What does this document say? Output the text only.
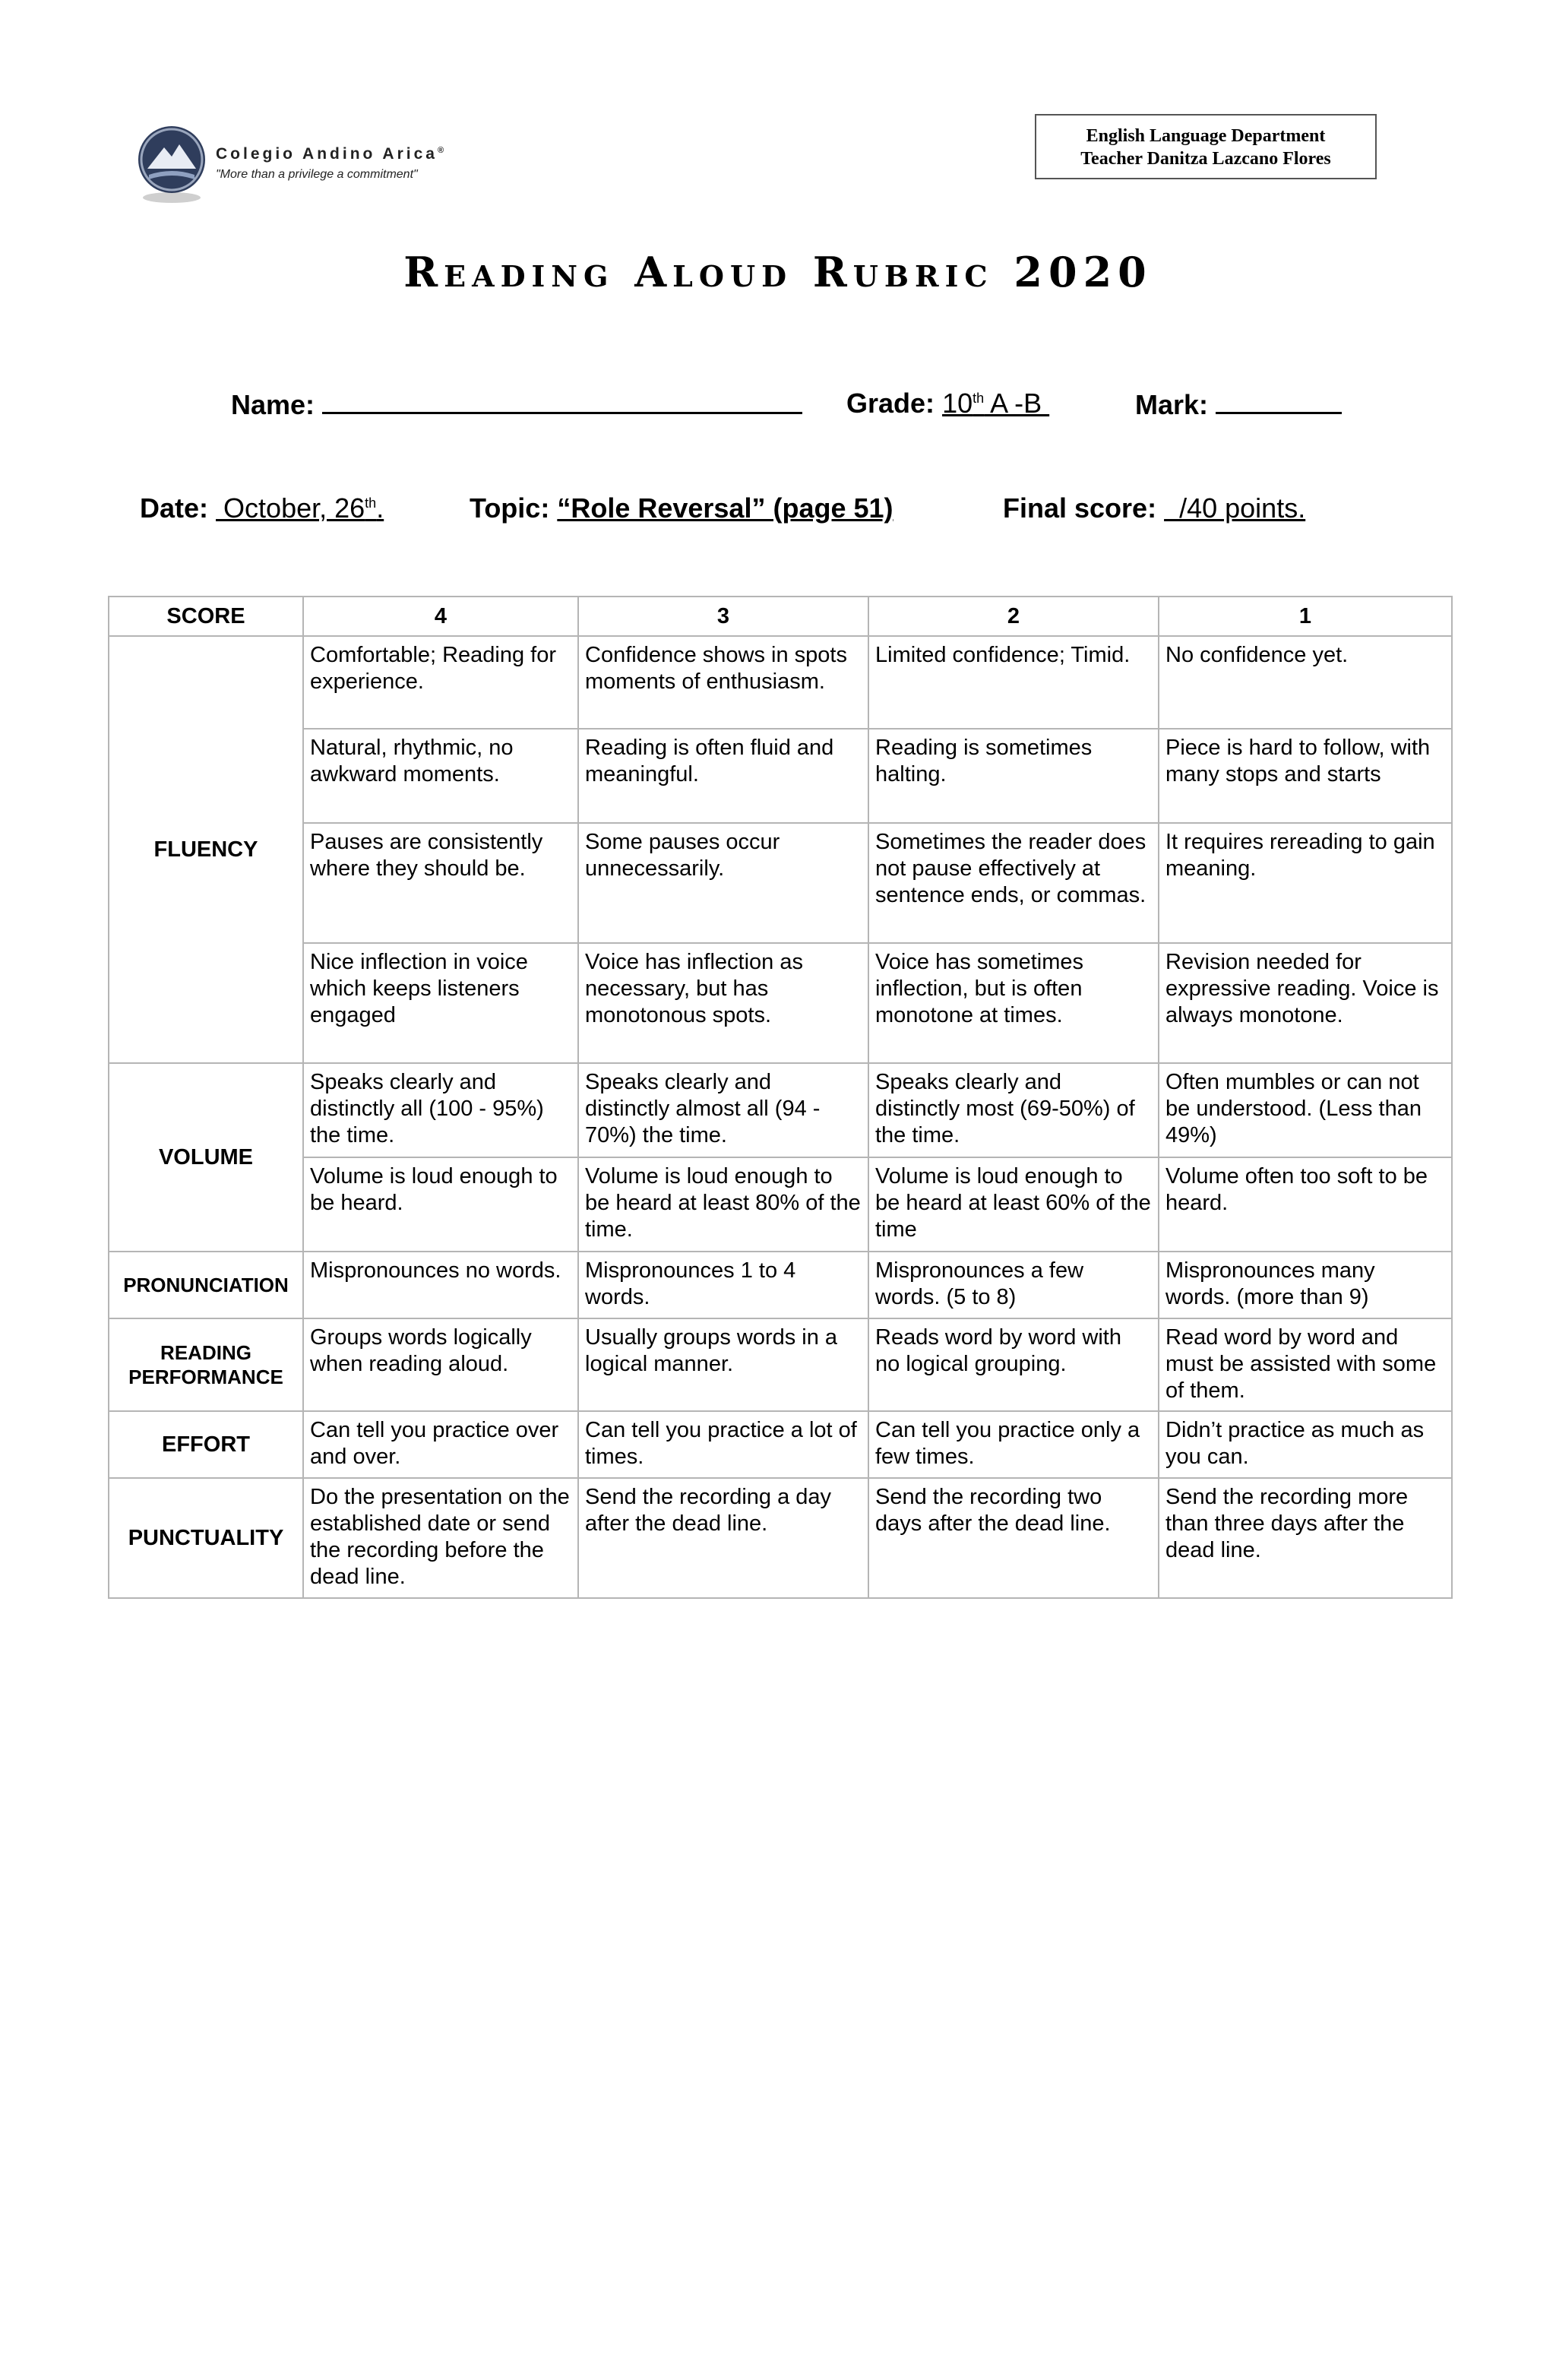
Colegio Andino Arica®
"More than a privilege a commitment"
English Language Department
Teacher Danitza Lazcano Flores
Reading Aloud Rubric 2020
Name:	Grade: 10th A -B	Mark:
Date:  October, 26th.	Topic: “Role Reversal” (page 51)	Final score:   /40 points.
SCORE	4	3	2	1
FLUENCY	Comfortable; Reading for experience.	Confidence shows in spots moments of enthusiasm.	Limited confidence; Timid.	No confidence yet.
	Natural, rhythmic, no awkward moments.	Reading is often fluid and meaningful.	Reading is sometimes halting.	Piece is hard to follow, with many stops and starts
	Pauses are consistently where they should be.	Some pauses occur unnecessarily.	Sometimes the reader does not pause effectively at sentence ends, or commas.	It requires rereading to gain meaning.
	Nice inflection in voice which keeps listeners engaged	Voice has inflection as necessary, but has monotonous spots.	Voice has sometimes inflection, but is often monotone at times.	Revision needed for expressive reading. Voice is always monotone.
VOLUME	Speaks clearly and distinctly all (100 - 95%) the time.	Speaks clearly and distinctly almost all (94 - 70%) the time.	Speaks clearly and distinctly most (69-50%) of the time.	Often mumbles or can not be understood. (Less than 49%)
	Volume is loud enough to be heard.	Volume is loud enough to be heard at least 80% of the time.	Volume is loud enough to be heard at least 60% of the time	Volume often too soft to be heard.
PRONUNCIATION	Mispronounces no words.	Mispronounces 1 to 4 words.	Mispronounces a few words. (5 to 8)	Mispronounces many words. (more than 9)
READING PERFORMANCE	Groups words logically when reading aloud.	Usually groups words in a logical manner.	Reads word by word with no logical grouping.	Read word by word and must be assisted with some of them.
EFFORT	Can tell you practice over and over.	Can tell you practice a lot of times.	Can tell you practice only a few times.	Didn’t practice as much as you can.
PUNCTUALITY	Do the presentation on the established date or send the recording before the dead line.	Send the recording a day after the dead line.	Send the recording two days after the dead line.	Send the recording more than three days after the dead line.
